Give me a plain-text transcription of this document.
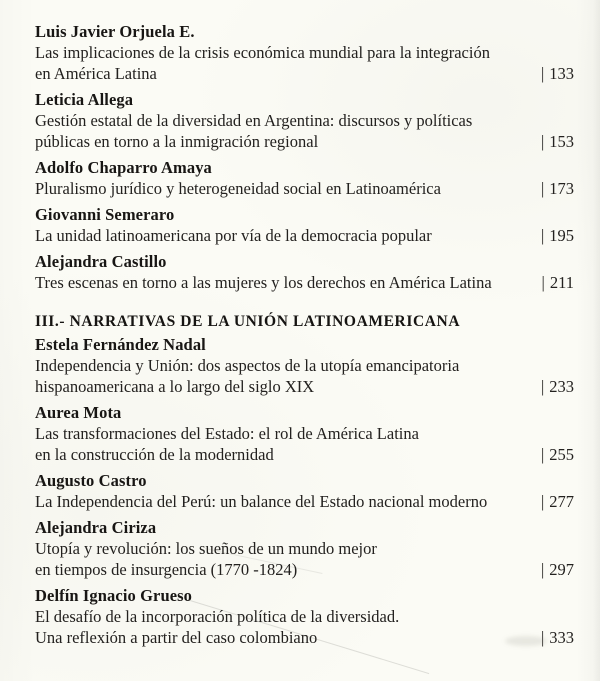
Luis Javier Orjuela E.
Las implicaciones de la crisis económica mundial para la integración
en América Latina	| 133
Leticia Allega
Gestión estatal de la diversidad en Argentina: discursos y políticas
públicas en torno a la inmigración regional	| 153
Adolfo Chaparro Amaya
Pluralismo jurídico y heterogeneidad social en Latinoamérica	| 173
Giovanni Semeraro
La unidad latinoamericana por vía de la democracia popular	| 195
Alejandra Castillo
Tres escenas en torno a las mujeres y los derechos en América Latina	| 211
III.- NARRATIVAS DE LA UNIÓN LATINOAMERICANA
Estela Fernández Nadal
Independencia y Unión: dos aspectos de la utopía emancipatoria
hispanoamericana a lo largo del siglo XIX	| 233
Aurea Mota
Las transformaciones del Estado: el rol de América Latina
en la construcción de la modernidad	| 255
Augusto Castro
La Independencia del Perú: un balance del Estado nacional moderno	| 277
Alejandra Ciriza
Utopía y revolución: los sueños de un mundo mejor
en tiempos de insurgencia (1770 -1824)	| 297
Delfín Ignacio Grueso
El desafío de la incorporación política de la diversidad.
Una reflexión a partir del caso colombiano	| 333
